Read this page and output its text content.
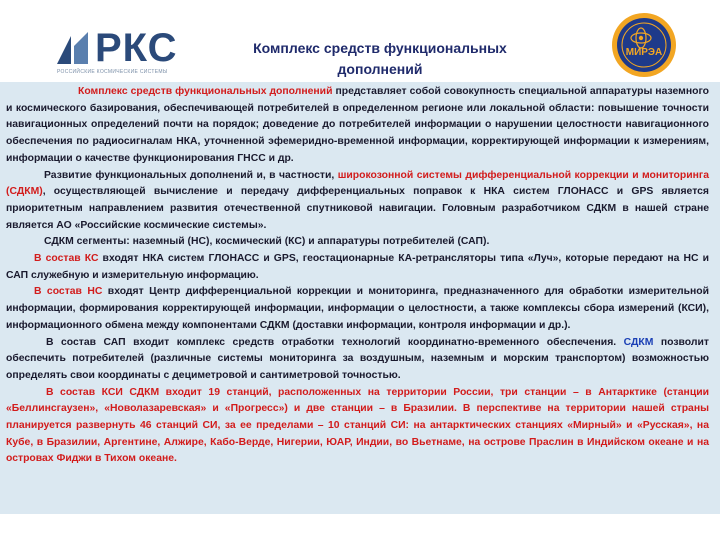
РКС
РОССИЙСКИЕ КОСМИЧЕСКИЕ СИСТЕМЫ
Комплекс средств функциональных дополнений
МИРЭА

Комплекс средств функциональных дополнений представляет собой совокупность специальной аппаратуры наземного и космического базирования, обеспечивающей потребителей в определенном регионе или локальной области: повышение точности навигационных определений почти на порядок; доведение до потребителей информации о нарушении целостности навигационного обеспечения по радиосигналам НКА, уточненной эфемеридно-временной информации, корректирующей информации к измерениям, информации о качестве функционирования ГНСС и др.

Развитие функциональных дополнений и, в частности, широкозонной системы дифференциальной коррекции и мониторинга (СДКМ), осуществляющей вычисление и передачу дифференциальных поправок к НКА систем ГЛОНАСС и GPS является приоритетным направлением развития отечественной спутниковой навигации. Головным разработчиком СДКМ в нашей стране является АО «Российские космические системы».

СДКМ сегменты: наземный (НС), космический (КС) и аппаратуры потребителей (САП).

В состав КС входят НКА систем ГЛОНАСС и GPS, геостационарные КА-ретрансляторы типа «Луч», которые передают на НС и САП служебную и измерительную информацию.

В состав НС входят Центр дифференциальной коррекции и мониторинга, предназначенного для обработки измерительной информации, формирования корректирующей информации, информации о целостности, а также комплексы сбора измерений (КСИ), информационного обмена между компонентами СДКМ (доставки информации, контроля информации и др.).

В состав САП входит комплекс средств отработки технологий координатно-временного обеспечения. СДКМ позволит обеспечить потребителей (различные системы мониторинга за воздушным, наземным и морским транспортом) возможностью определять свои координаты с дециметровой и сантиметровой точностью.

В состав КСИ СДКМ входит 19 станций, расположенных на территории России, три станции – в Антарктике (станции «Беллинсгаузен», «Новолазаревская» и «Прогресс») и две станции – в Бразилии. В перспективе на территории нашей страны планируется развернуть 46 станций СИ, за ее пределами – 10 станций СИ: на антарктических станциях «Мирный» и «Русская», на Кубе, в Бразилии, Аргентине, Алжире, Кабо-Верде, Нигерии, ЮАР, Индии, во Вьетнаме, на острове Праслин в Индийском океане и на островах Фиджи в Тихом океане.
